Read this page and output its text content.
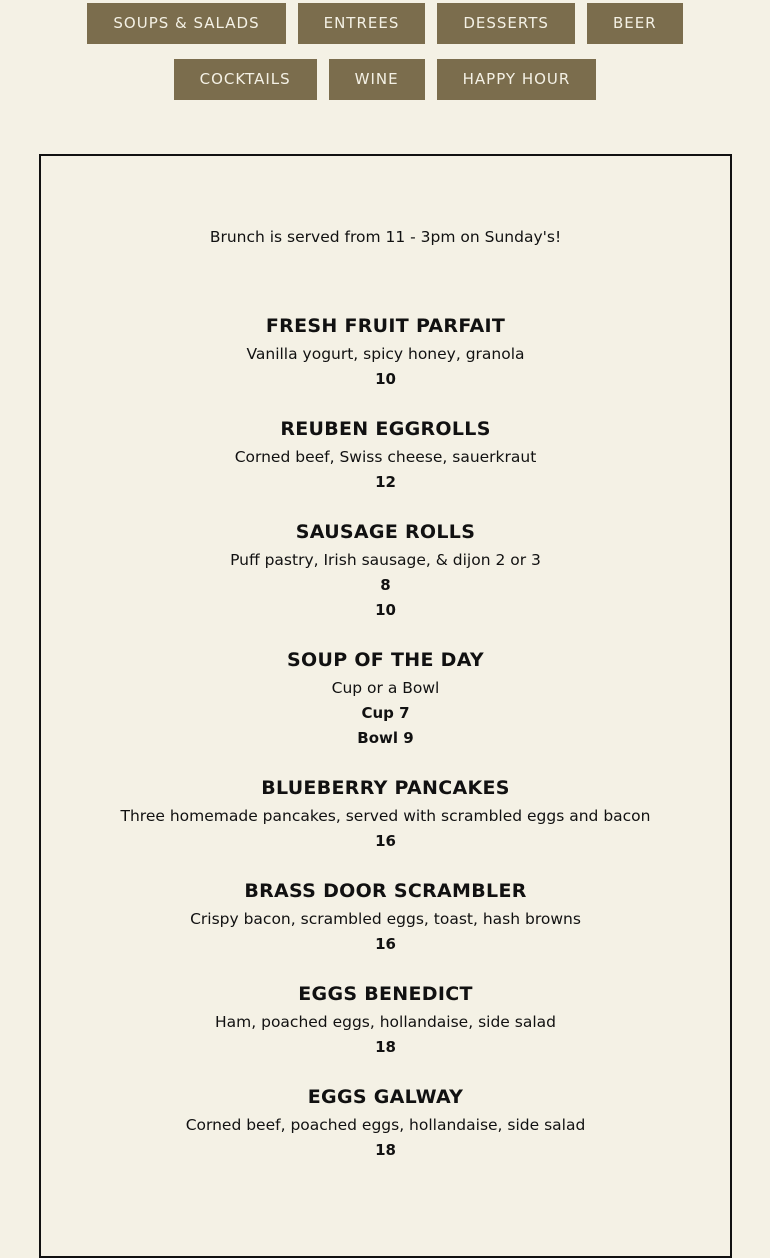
SOUPS & SALADS	ENTREES	DESSERTS	BEER
COCKTAILS	WINE	HAPPY HOUR
Brunch is served from 11 - 3pm on Sunday's!
FRESH FRUIT PARFAIT
Vanilla yogurt, spicy honey, granola
10
REUBEN EGGROLLS
Corned beef, Swiss cheese, sauerkraut
12
SAUSAGE ROLLS
Puff pastry, Irish sausage, & dijon 2 or 3
8
10
SOUP OF THE DAY
Cup or a Bowl
Cup 7
Bowl 9
BLUEBERRY PANCAKES
Three homemade pancakes, served with scrambled eggs and bacon
16
BRASS DOOR SCRAMBLER
Crispy bacon, scrambled eggs, toast, hash browns
16
EGGS BENEDICT
Ham, poached eggs, hollandaise, side salad
18
EGGS GALWAY
Corned beef, poached eggs, hollandaise, side salad
18
